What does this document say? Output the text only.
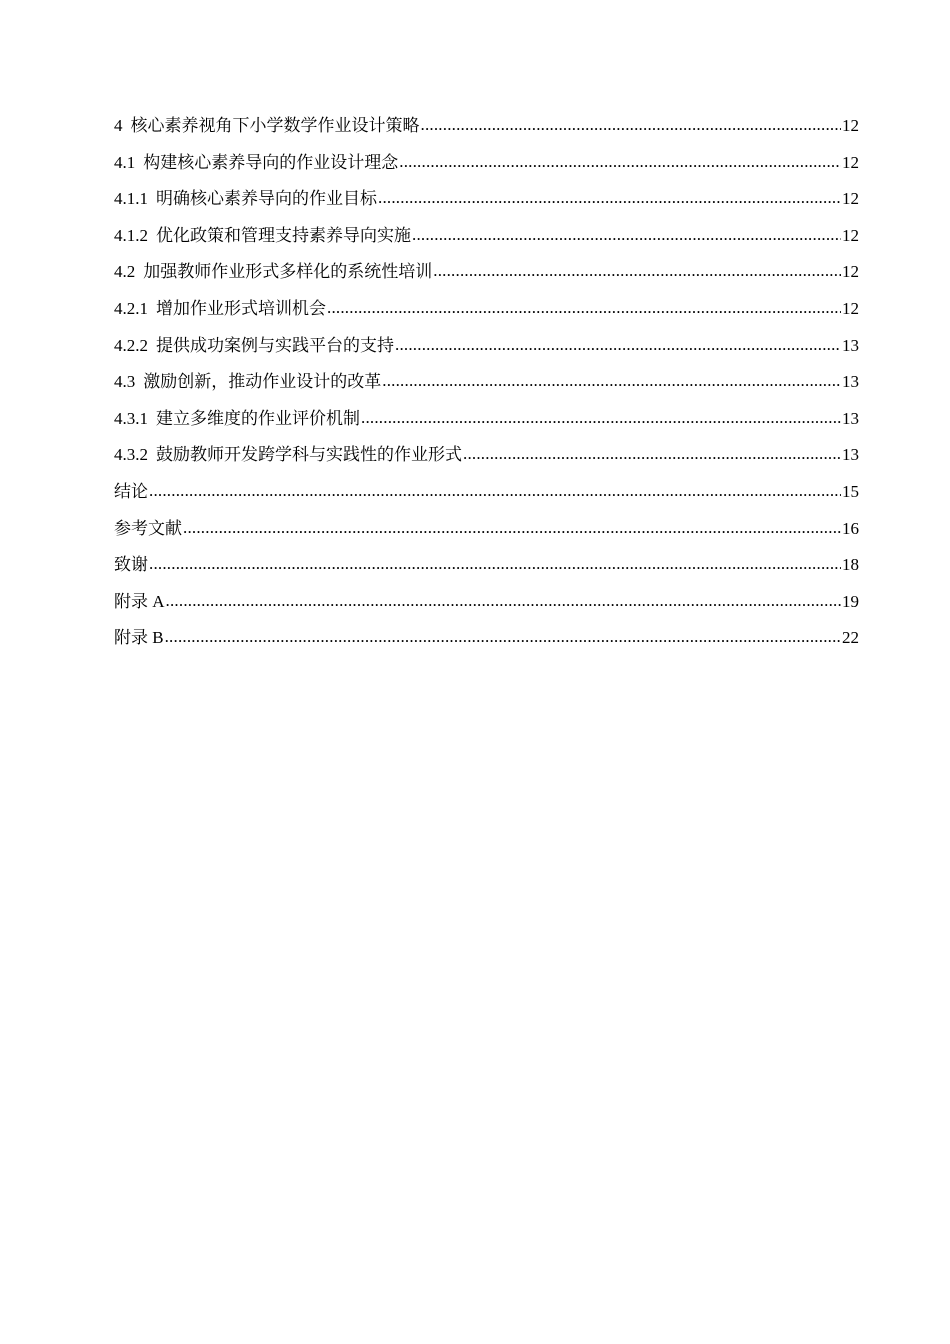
4 核心素养视角下小学数学作业设计策略 .....	12
4.1 构建核心素养导向的作业设计理念 .....	12
4.1.1 明确核心素养导向的作业目标 .....	12
4.1.2 优化政策和管理支持素养导向实施 .....	12
4.2 加强教师作业形式多样化的系统性培训 .....	12
4.2.1 增加作业形式培训机会 .....	12
4.2.2 提供成功案例与实践平台的支持 .....	13
4.3 激励创新，推动作业设计的改革 .....	13
4.3.1 建立多维度的作业评价机制 .....	13
4.3.2 鼓励教师开发跨学科与实践性的作业形式 .....	13
结论 .....	15
参考文献 .....	16
致谢 .....	18
附录 A .....	19
附录 B .....	22
